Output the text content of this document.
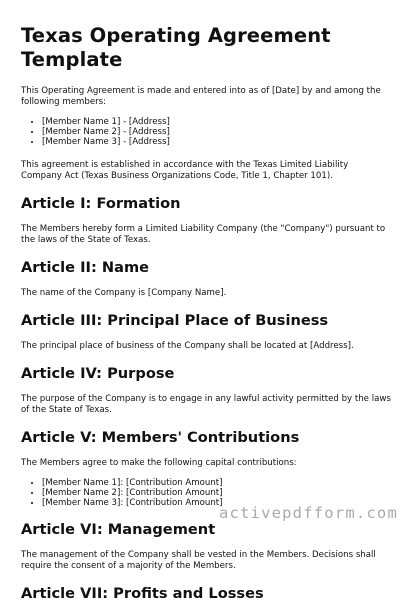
Texas Operating Agreement Template

This Operating Agreement is made and entered into as of [Date] by and among the following members:

• [Member Name 1] - [Address]
• [Member Name 2] - [Address]
• [Member Name 3] - [Address]

This agreement is established in accordance with the Texas Limited Liability Company Act (Texas Business Organizations Code, Title 1, Chapter 101).

Article I: Formation

The Members hereby form a Limited Liability Company (the "Company") pursuant to the laws of the State of Texas.

Article II: Name

The name of the Company is [Company Name].

Article III: Principal Place of Business

The principal place of business of the Company shall be located at [Address].

Article IV: Purpose

The purpose of the Company is to engage in any lawful activity permitted by the laws of the State of Texas.

Article V: Members' Contributions

The Members agree to make the following capital contributions:

• [Member Name 1]: [Contribution Amount]
• [Member Name 2]: [Contribution Amount]
• [Member Name 3]: [Contribution Amount]
Article VI: Management

The management of the Company shall be vested in the Members. Decisions shall require the consent of a majority of the Members.

Article VII: Profits and Losses
activepdfform.com
